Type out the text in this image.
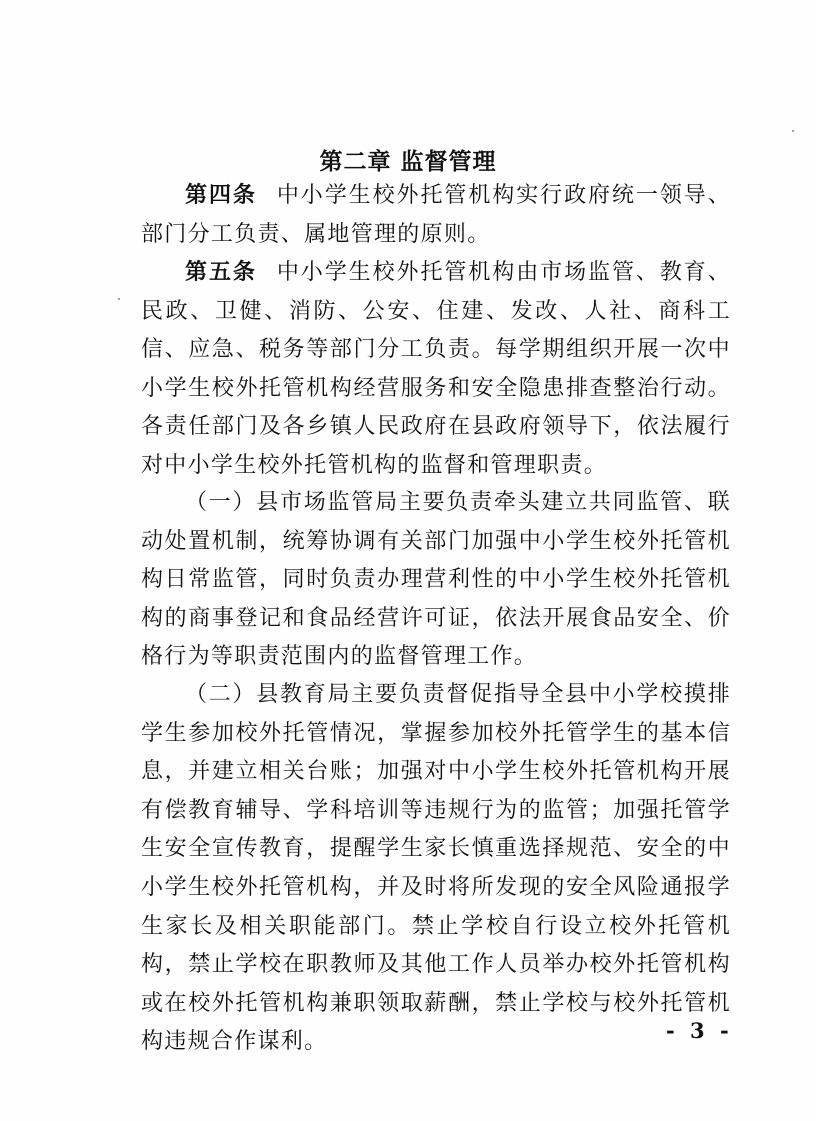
第二章 监督管理

第四条 中小学生校外托管机构实行政府统一领导、部门分工负责、属地管理的原则。

第五条 中小学生校外托管机构由市场监管、教育、民政、卫健、消防、公安、住建、发改、人社、商科工信、应急、税务等部门分工负责。每学期组织开展一次中小学生校外托管机构经营服务和安全隐患排查整治行动。各责任部门及各乡镇人民政府在县政府领导下，依法履行对中小学生校外托管机构的监督和管理职责。

（一）县市场监管局主要负责牵头建立共同监管、联动处置机制，统筹协调有关部门加强中小学生校外托管机构日常监管，同时负责办理营利性的中小学生校外托管机构的商事登记和食品经营许可证，依法开展食品安全、价格行为等职责范围内的监督管理工作。

（二）县教育局主要负责督促指导全县中小学校摸排学生参加校外托管情况，掌握参加校外托管学生的基本信息，并建立相关台账；加强对中小学生校外托管机构开展有偿教育辅导、学科培训等违规行为的监管；加强托管学生安全宣传教育，提醒学生家长慎重选择规范、安全的中小学生校外托管机构，并及时将所发现的安全风险通报学生家长及相关职能部门。禁止学校自行设立校外托管机构，禁止学校在职教师及其他工作人员举办校外托管机构或在校外托管机构兼职领取薪酬，禁止学校与校外托管机构违规合作谋利。	- 3 -
